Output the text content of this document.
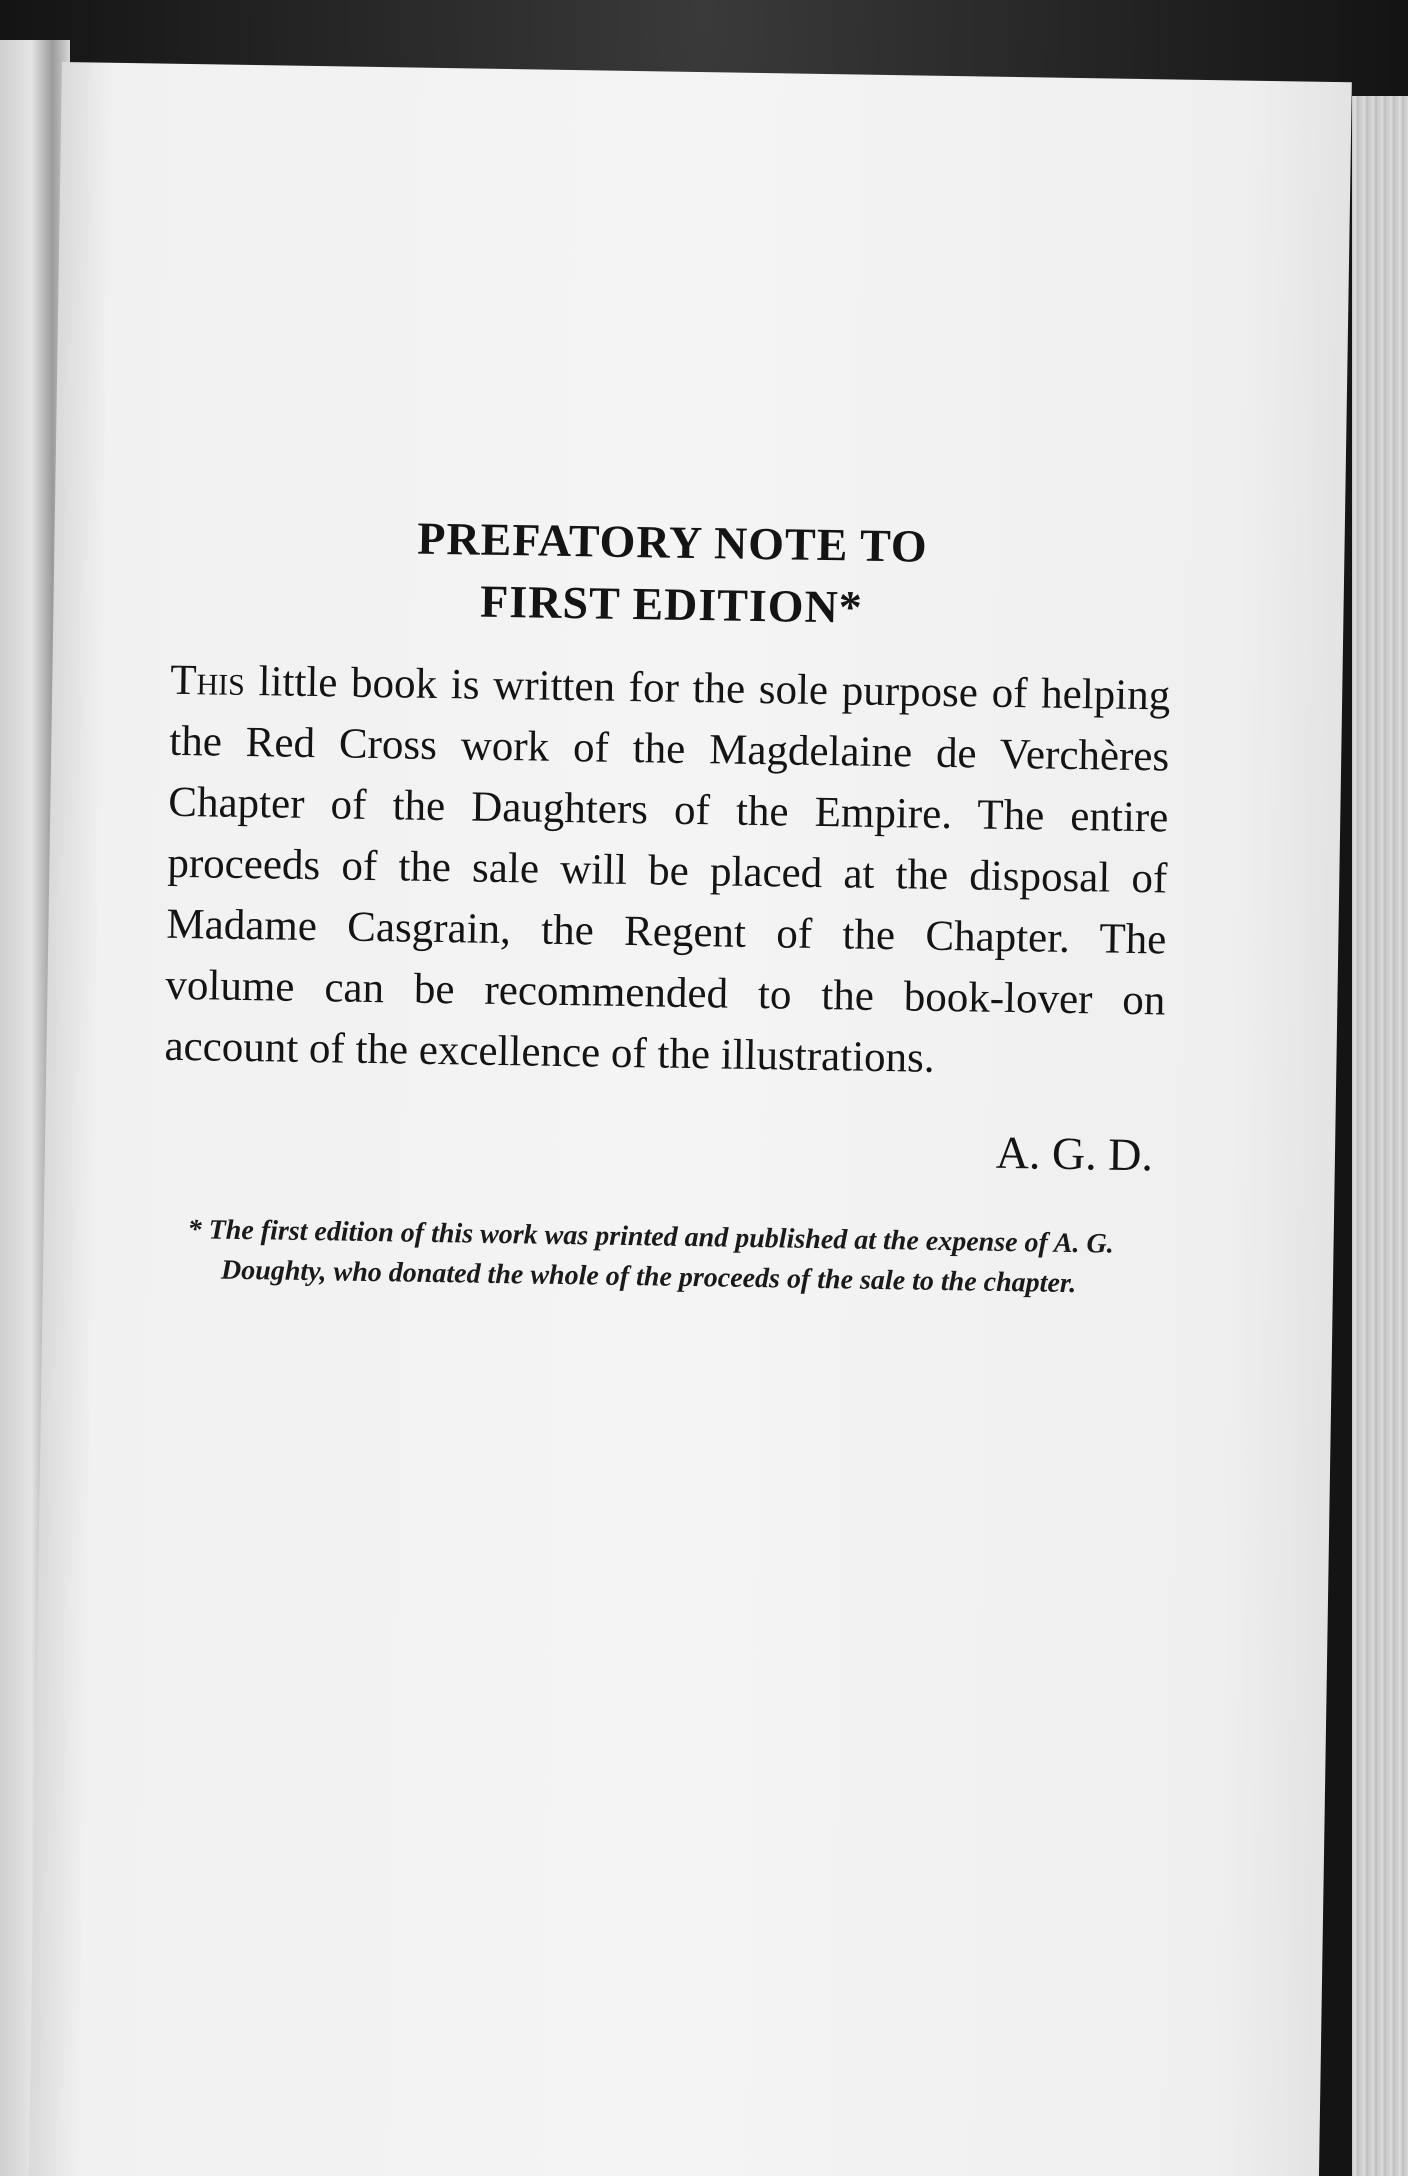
PREFATORY NOTE TO
FIRST EDITION*

This little book is written for the sole purpose of helping the Red Cross work of the Magdelaine de Verchères Chapter of the Daughters of the Empire. The entire proceeds of the sale will be placed at the disposal of Madame Casgrain, the Regent of the Chapter. The volume can be recommended to the book-lover on account of the excellence of the illustrations.

A. G. D.

* The first edition of this work was printed and published at the expense of A. G. Doughty, who donated the whole of the proceeds of the sale to the chapter.
